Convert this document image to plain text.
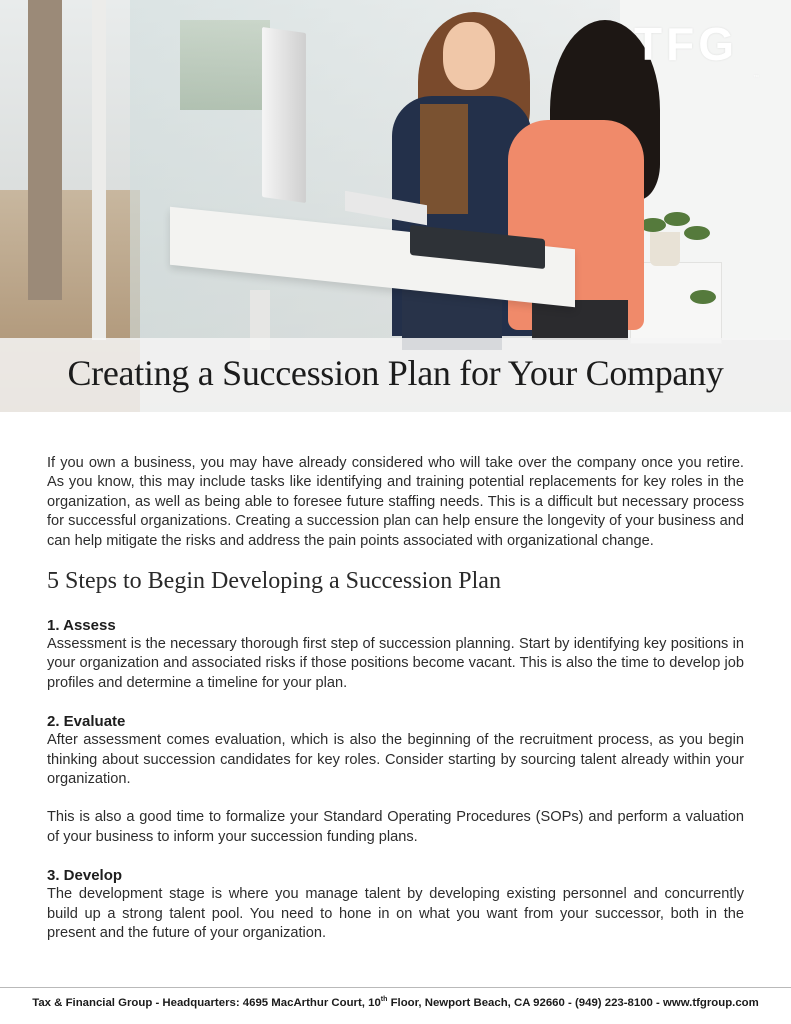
TFG
™
Creating a Succession Plan for Your Company

If you own a business, you may have already considered who will take over the company once you retire. As you know, this may include tasks like identifying and training potential replacements for key roles in the organization, as well as being able to foresee future staffing needs. This is a difficult but necessary process for successful organizations. Creating a succession plan can help ensure the longevity of your business and can help mitigate the risks and address the pain points associated with organizational change.

5 Steps to Begin Developing a Succession Plan
1. Assess

Assessment is the necessary thorough first step of succession planning. Start by identifying key positions in your organization and associated risks if those positions become vacant. This is also the time to develop job profiles and determine a timeline for your plan.

2. Evaluate

After assessment comes evaluation, which is also the beginning of the recruitment process, as you begin thinking about succession candidates for key roles. Consider starting by sourcing talent already within your organization.

This is also a good time to formalize your Standard Operating Procedures (SOPs) and perform a valuation of your business to inform your succession funding plans.

3. Develop

The development stage is where you manage talent by developing existing personnel and concurrently build up a strong talent pool. You need to hone in on what you want from your successor, both in the present and the future of your organization.

Tax & Financial Group - Headquarters: 4695 MacArthur Court, 10th Floor, Newport Beach, CA 92660 - (949) 223-8100 - www.tfgroup.com
